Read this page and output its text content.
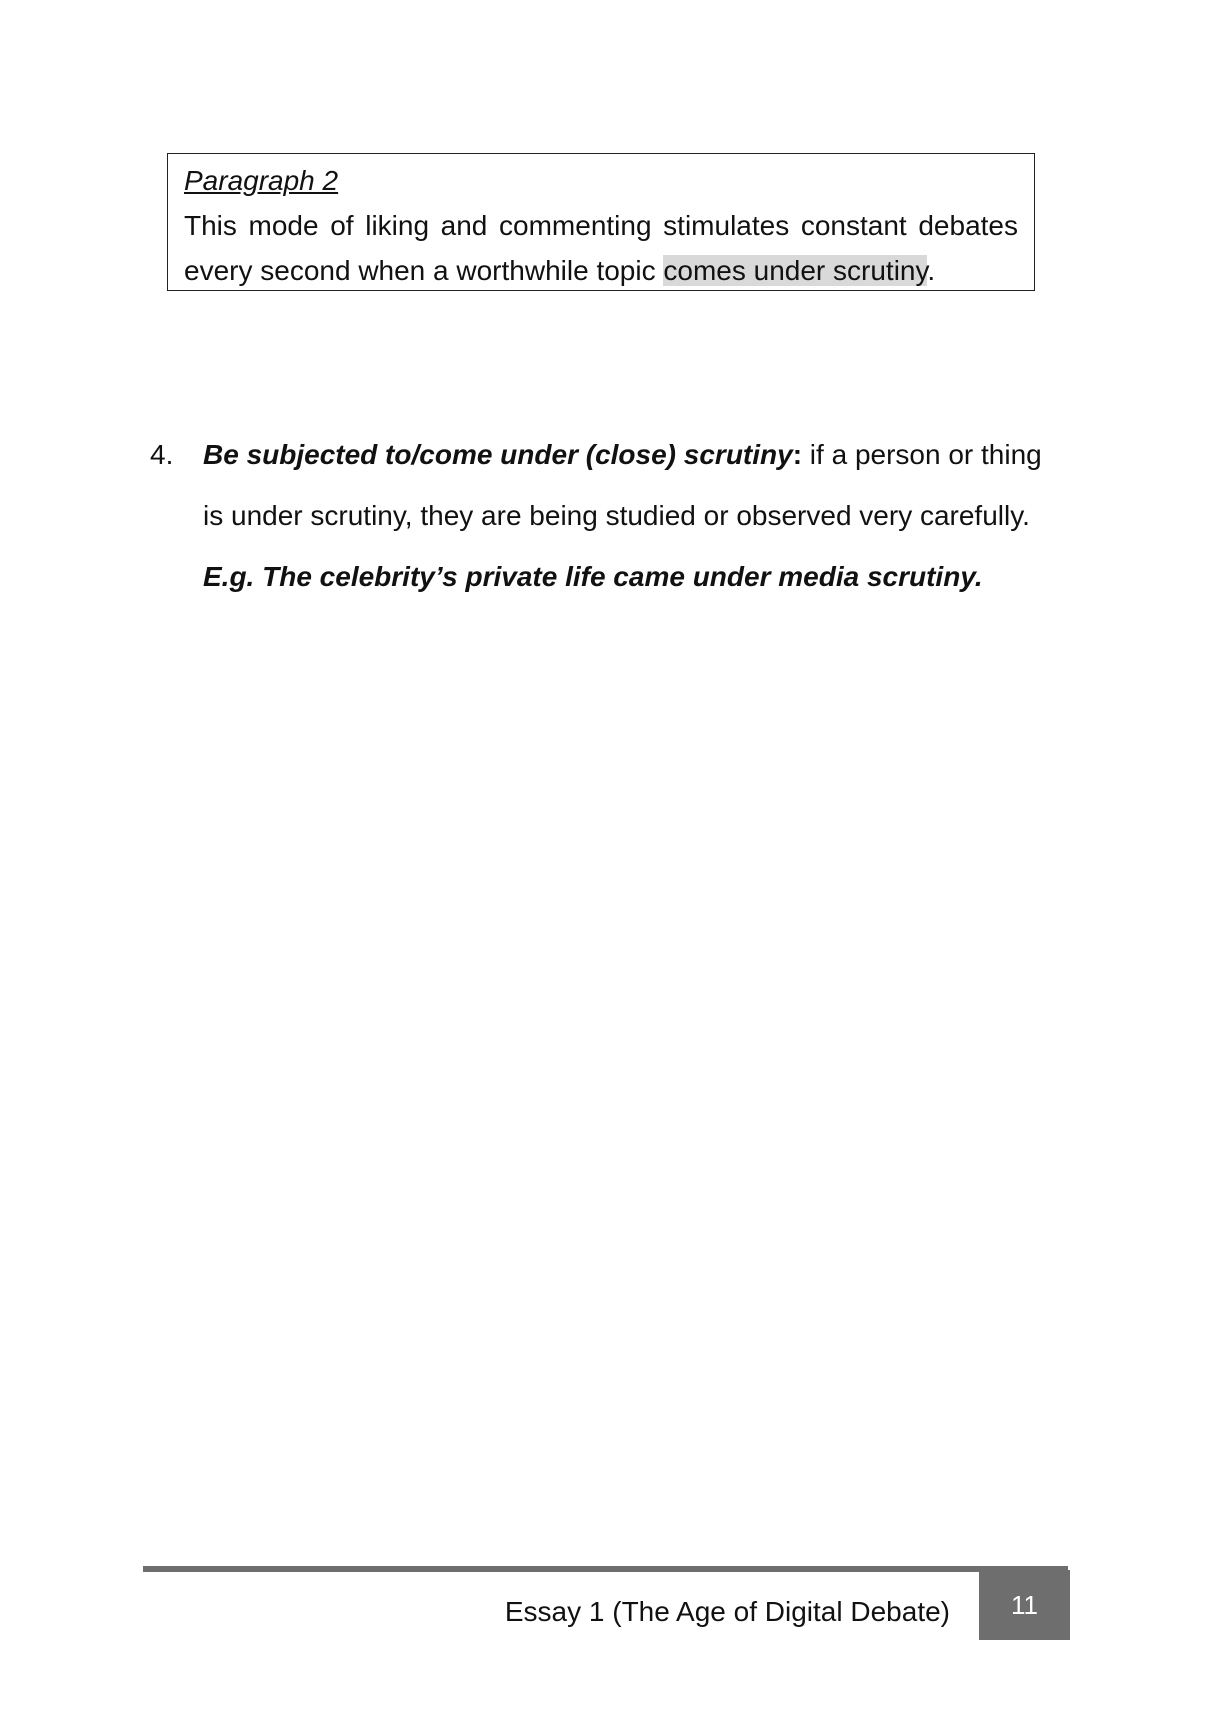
Paragraph 2
This mode of liking and commenting stimulates constant debates every second when a worthwhile topic comes under scrutiny.
4. Be subjected to/come under (close) scrutiny: if a person or thing is under scrutiny, they are being studied or observed very carefully.
E.g. The celebrity’s private life came under media scrutiny.
Essay 1 (The Age of Digital Debate) 11
